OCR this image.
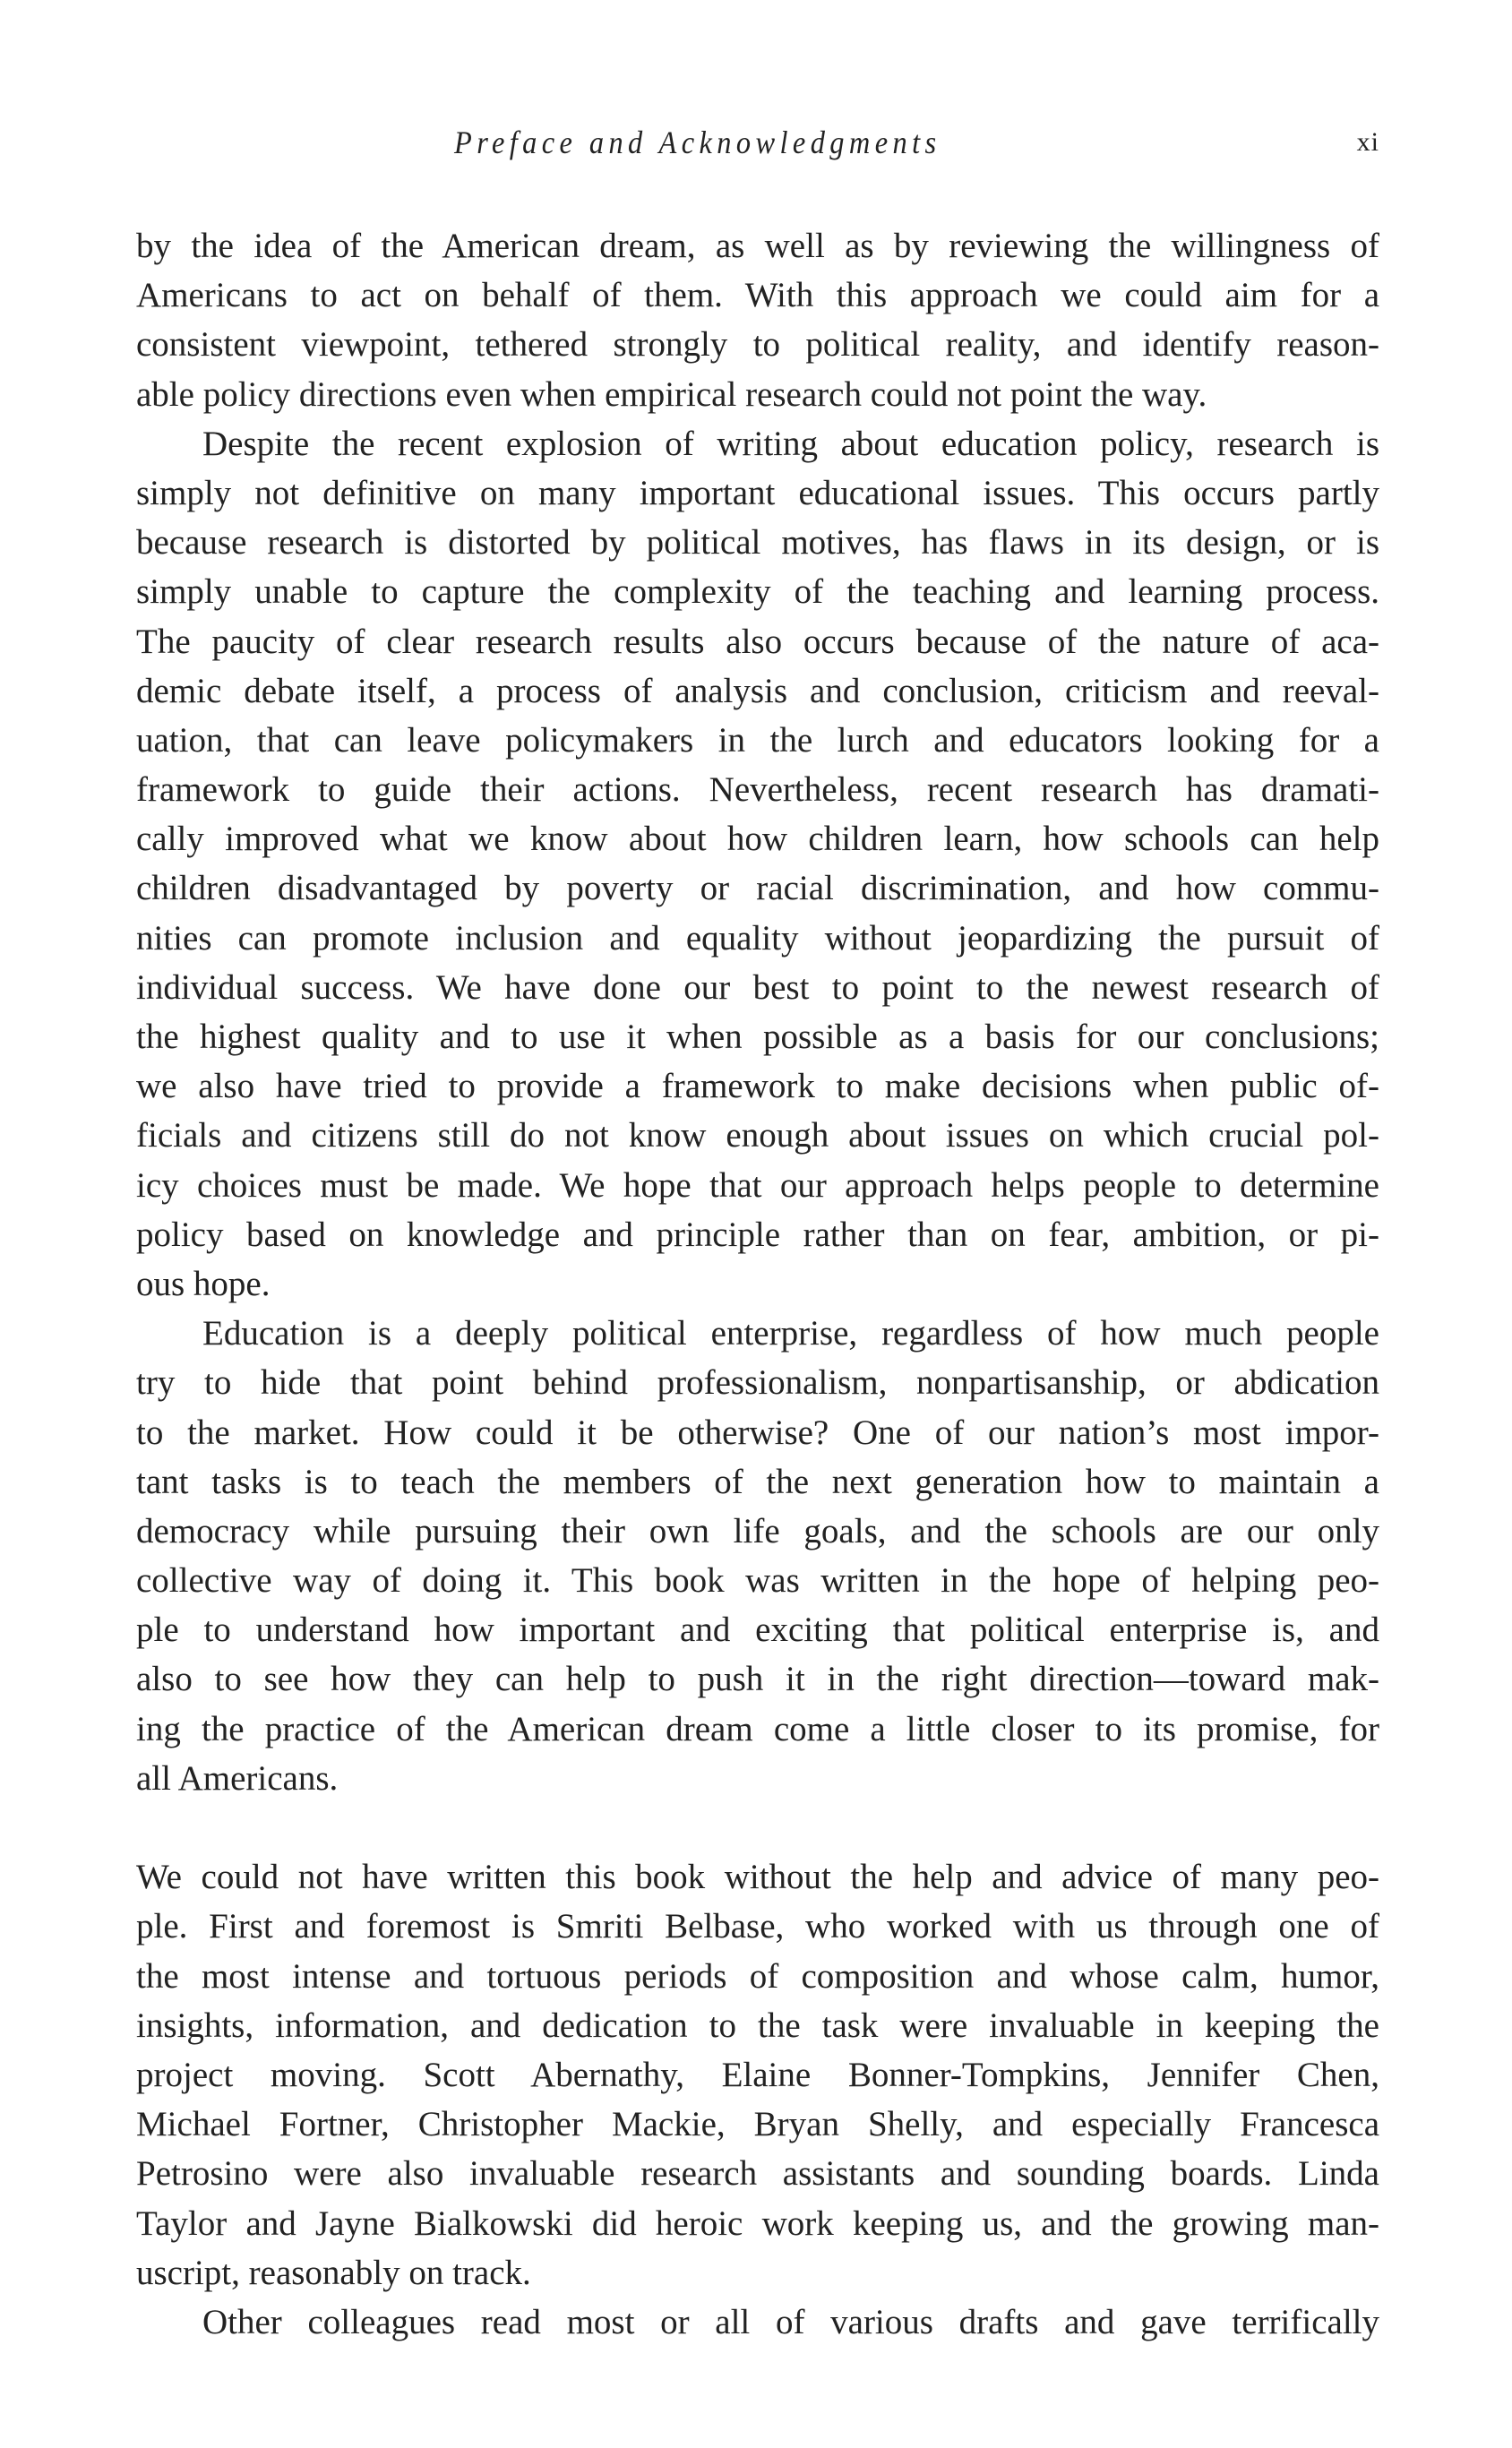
Preface and Acknowledgments	xi
by the idea of the American dream, as well as by reviewing the willingness of
Americans to act on behalf of them. With this approach we could aim for a
consistent viewpoint, tethered strongly to political reality, and identify reason-
able policy directions even when empirical research could not point the way.
Despite the recent explosion of writing about education policy, research is
simply not definitive on many important educational issues. This occurs partly
because research is distorted by political motives, has flaws in its design, or is
simply unable to capture the complexity of the teaching and learning process.
The paucity of clear research results also occurs because of the nature of aca-
demic debate itself, a process of analysis and conclusion, criticism and reeval-
uation, that can leave policymakers in the lurch and educators looking for a
framework to guide their actions. Nevertheless, recent research has dramati-
cally improved what we know about how children learn, how schools can help
children disadvantaged by poverty or racial discrimination, and how commu-
nities can promote inclusion and equality without jeopardizing the pursuit of
individual success. We have done our best to point to the newest research of
the highest quality and to use it when possible as a basis for our conclusions;
we also have tried to provide a framework to make decisions when public of-
ficials and citizens still do not know enough about issues on which crucial pol-
icy choices must be made. We hope that our approach helps people to determine
policy based on knowledge and principle rather than on fear, ambition, or pi-
ous hope.
Education is a deeply political enterprise, regardless of how much people
try to hide that point behind professionalism, nonpartisanship, or abdication
to the market. How could it be otherwise? One of our nation’s most impor-
tant tasks is to teach the members of the next generation how to maintain a
democracy while pursuing their own life goals, and the schools are our only
collective way of doing it. This book was written in the hope of helping peo-
ple to understand how important and exciting that political enterprise is, and
also to see how they can help to push it in the right direction—toward mak-
ing the practice of the American dream come a little closer to its promise, for
all Americans.
We could not have written this book without the help and advice of many peo-
ple. First and foremost is Smriti Belbase, who worked with us through one of
the most intense and tortuous periods of composition and whose calm, humor,
insights, information, and dedication to the task were invaluable in keeping the
project moving. Scott Abernathy, Elaine Bonner-Tompkins, Jennifer Chen,
Michael Fortner, Christopher Mackie, Bryan Shelly, and especially Francesca
Petrosino were also invaluable research assistants and sounding boards. Linda
Taylor and Jayne Bialkowski did heroic work keeping us, and the growing man-
uscript, reasonably on track.
Other colleagues read most or all of various drafts and gave terrifically
